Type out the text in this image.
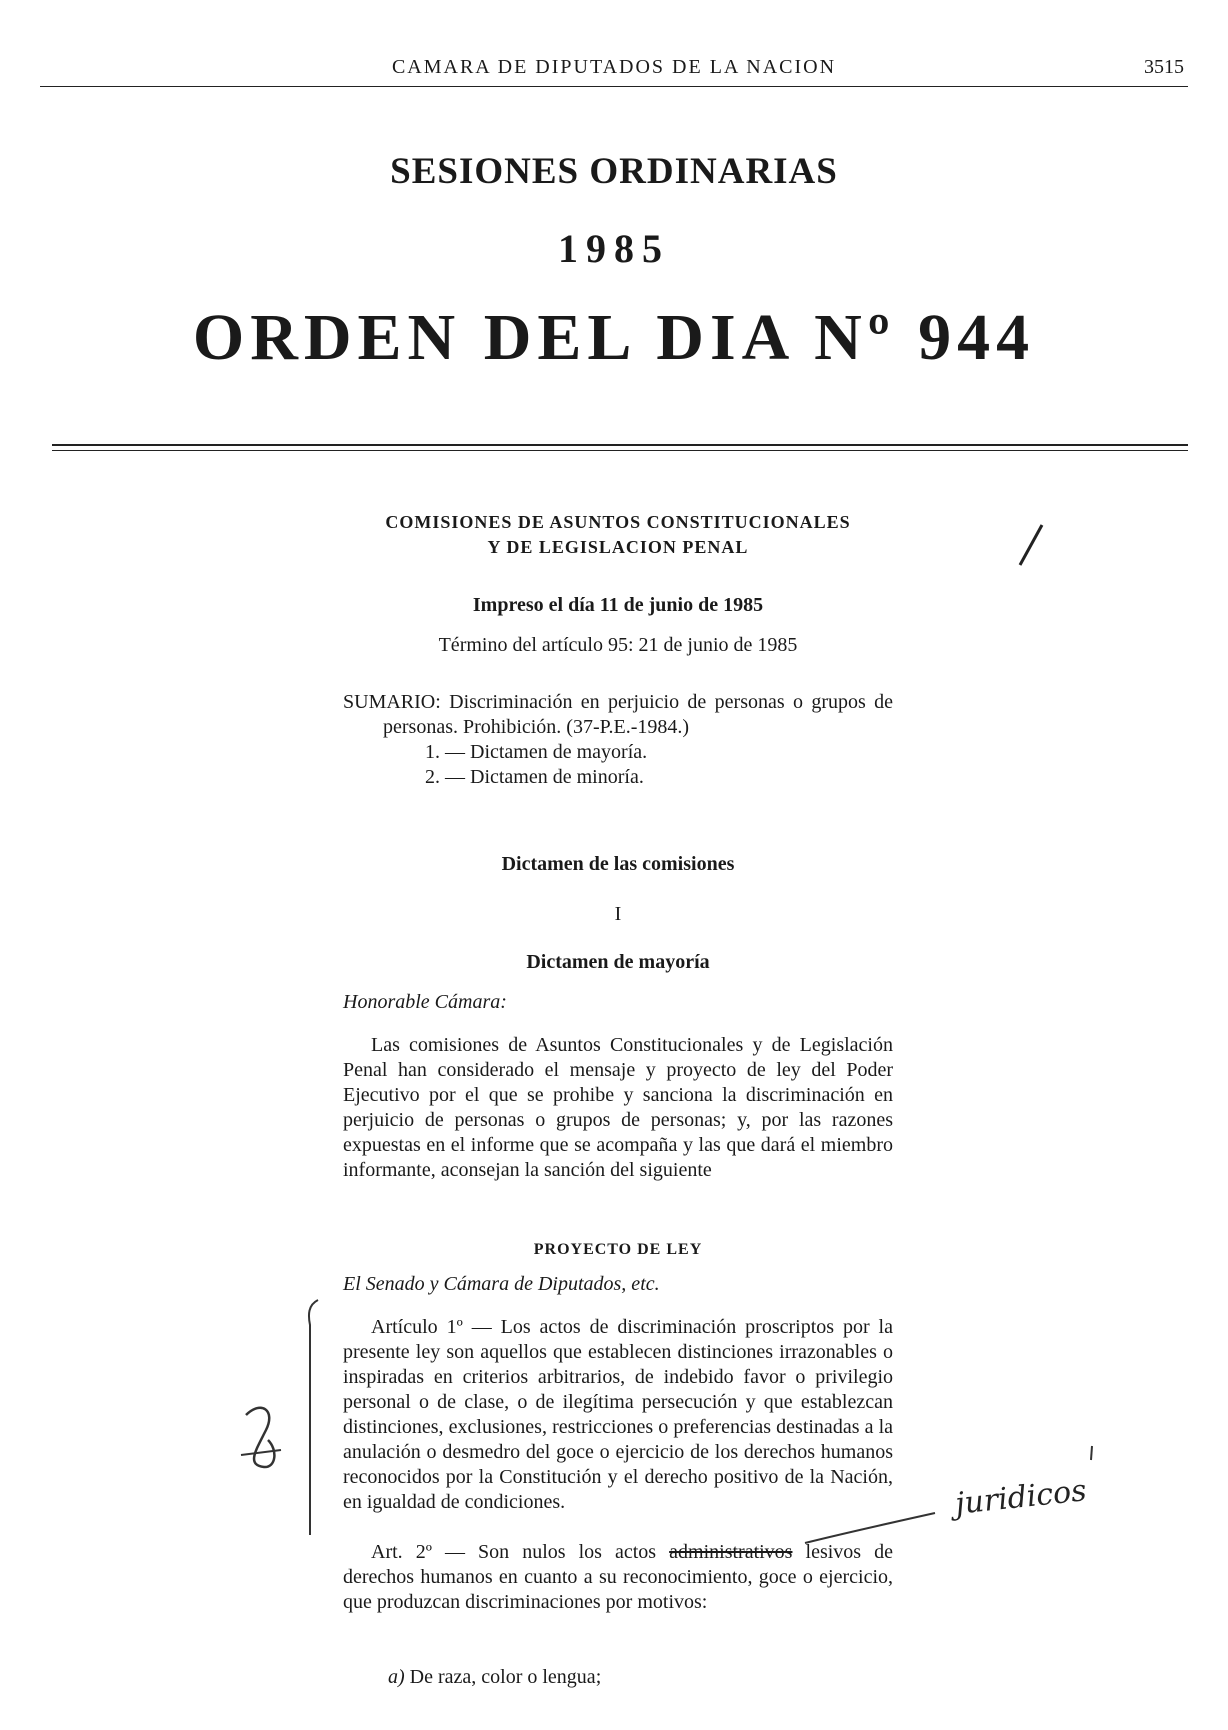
CAMARA DE DIPUTADOS DE LA NACION	3515
SESIONES ORDINARIAS
1985
ORDEN DEL DIA Nº 944

COMISIONES DE ASUNTOS CONSTITUCIONALES

Y DE LEGISLACION PENAL

Impreso el día 11 de junio de 1985
Término del artículo 95: 21 de junio de 1985

SUMARIO: Discriminación en perjuicio de personas o grupos de personas. Prohibición. (37-P.E.-1984.)

1. — Dictamen de mayoría.

2. — Dictamen de minoría.

Dictamen de las comisiones
I
Dictamen de mayoría
Honorable Cámara:
Las comisiones de Asuntos Constitucionales y de Legislación Penal han considerado el mensaje y proyecto de ley del Poder Ejecutivo por el que se prohibe y sanciona la discriminación en perjuicio de personas o grupos de personas; y, por las razones expuestas en el informe que se acompaña y las que dará el miembro informante, aconsejan la sanción del siguiente
PROYECTO DE LEY
El Senado y Cámara de Diputados, etc.
Artículo 1º — Los actos de discriminación proscriptos por la presente ley son aquellos que establecen distinciones irrazonables o inspiradas en criterios arbitrarios, de indebido favor o privilegio personal o de clase, o de ilegítima persecución y que establezcan distinciones, exclusiones, restricciones o preferencias destinadas a la anulación o desmedro del goce o ejercicio de los derechos humanos reconocidos por la Constitución y el derecho positivo de la Nación, en igualdad de condiciones.
Art. 2º — Son nulos los actos administrativos lesivos de derechos humanos en cuanto a su reconocimiento, goce o ejercicio, que produzcan discriminaciones por motivos:
a) De raza, color o lengua;
juridicos
